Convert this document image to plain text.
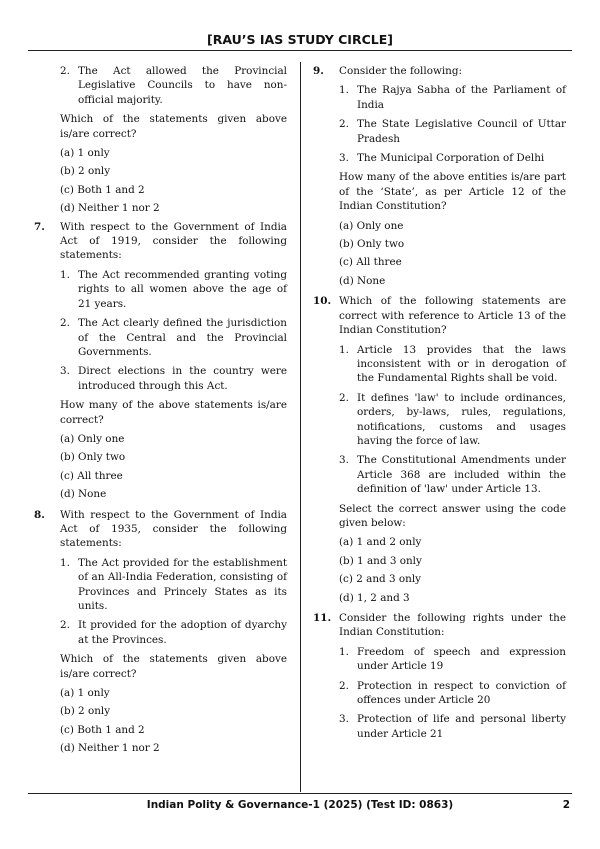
[RAU’S IAS STUDY CIRCLE]
2. The Act allowed the Provincial Legislative Councils to have non-official majority.
Which of the statements given above is/are correct?
(a) 1 only
(b) 2 only
(c) Both 1 and 2
(d) Neither 1 nor 2
7. With respect to the Government of India Act of 1919, consider the following statements:
1. The Act recommended granting voting rights to all women above the age of 21 years.
2. The Act clearly defined the jurisdiction of the Central and the Provincial Governments.
3. Direct elections in the country were introduced through this Act.
How many of the above statements is/are correct?
(a) Only one
(b) Only two
(c) All three
(d) None
8. With respect to the Government of India Act of 1935, consider the following statements:
1. The Act provided for the establishment of an All-India Federation, consisting of Provinces and Princely States as its units.
2. It provided for the adoption of dyarchy at the Provinces.
Which of the statements given above is/are correct?
(a) 1 only
(b) 2 only
(c) Both 1 and 2
(d) Neither 1 nor 2
9. Consider the following:
1. The Rajya Sabha of the Parliament of India
2. The State Legislative Council of Uttar Pradesh
3. The Municipal Corporation of Delhi
How many of the above entities is/are part of the ‘State’, as per Article 12 of the Indian Constitution?
(a) Only one
(b) Only two
(c) All three
(d) None
10. Which of the following statements are correct with reference to Article 13 of the Indian Constitution?
1. Article 13 provides that the laws inconsistent with or in derogation of the Fundamental Rights shall be void.
2. It defines 'law' to include ordinances, orders, by-laws, rules, regulations, notifications, customs and usages having the force of law.
3. The Constitutional Amendments under Article 368 are included within the definition of 'law' under Article 13.
Select the correct answer using the code given below:
(a) 1 and 2 only
(b) 1 and 3 only
(c) 2 and 3 only
(d) 1, 2 and 3
11. Consider the following rights under the Indian Constitution:
1. Freedom of speech and expression under Article 19
2. Protection in respect to conviction of offences under Article 20
3. Protection of life and personal liberty under Article 21
Indian Polity & Governance-1 (2025) (Test ID: 0863)	2
